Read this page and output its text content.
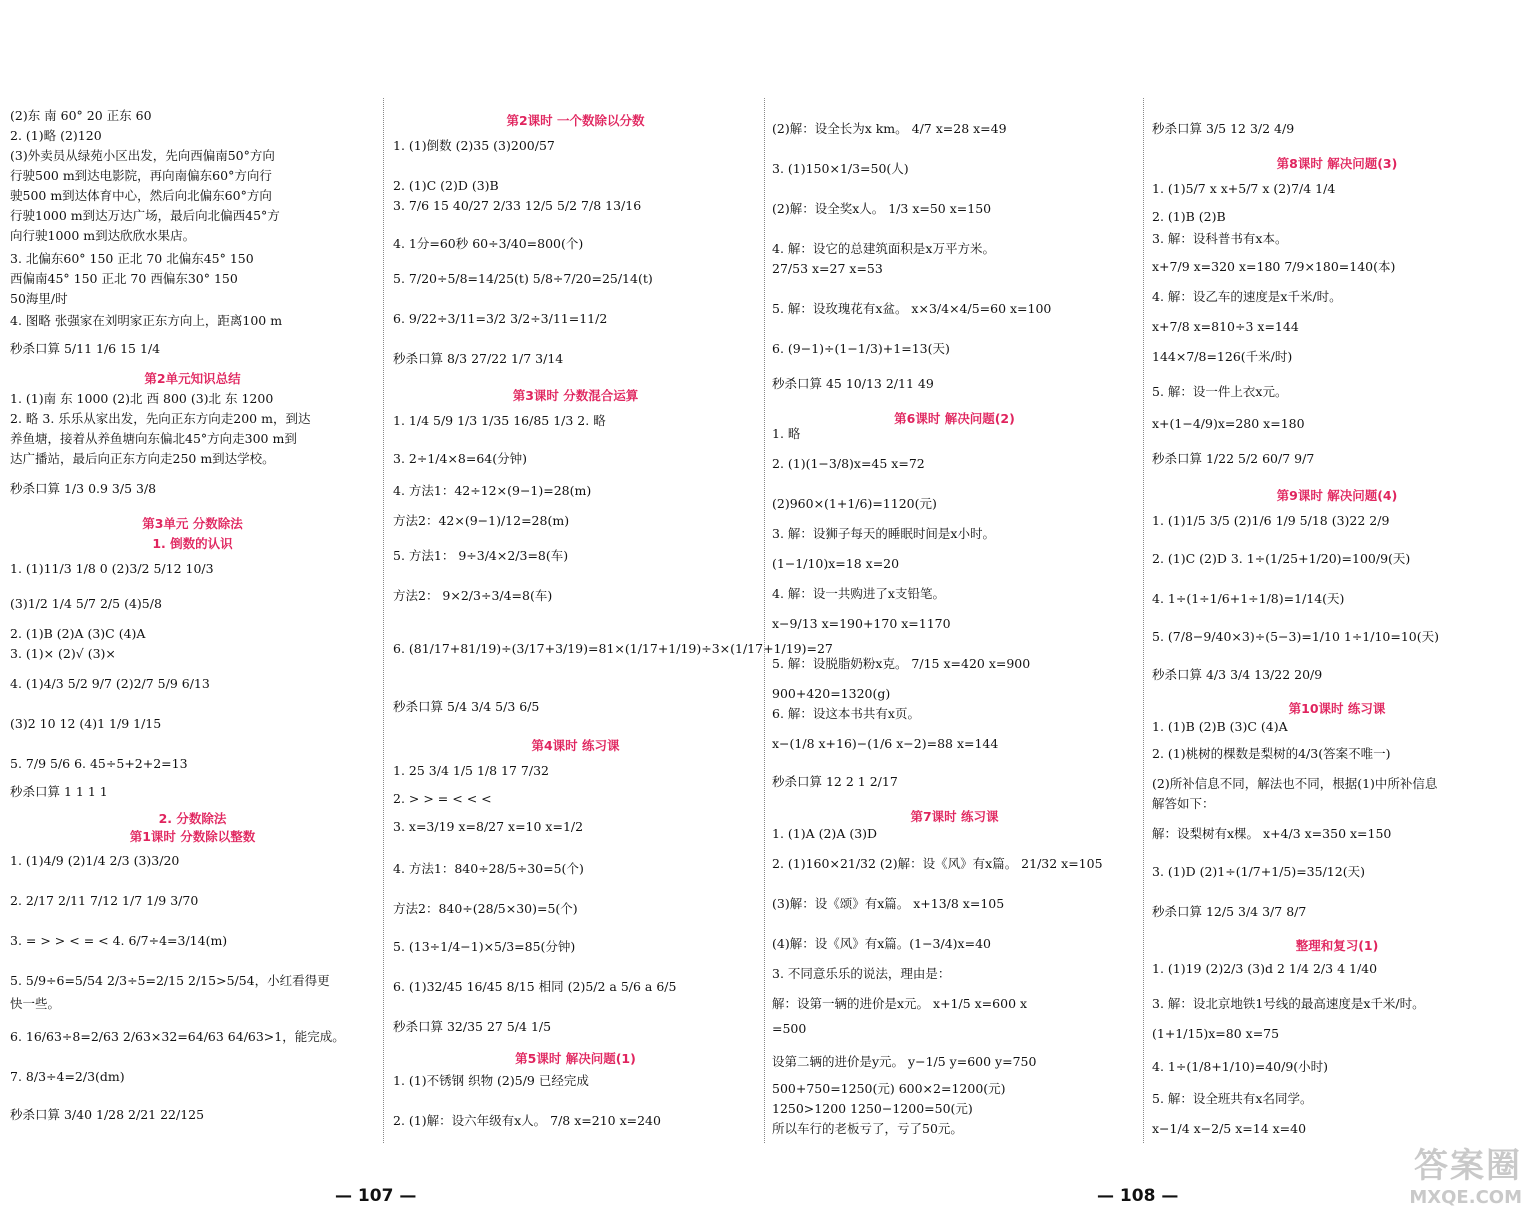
(2)东 南 60° 20 正东 60
2. (1)略 (2)120
(3)外卖员从绿苑小区出发，先向西偏南50°方向
行驶500 m到达电影院，再向南偏东60°方向行
驶500 m到达体育中心，然后向北偏东60°方向
行驶1000 m到达万达广场，最后向北偏西45°方
向行驶1000 m到达欣欣水果店。
3. 北偏东60° 150 正北 70 北偏东45° 150
西偏南45° 150 正北 70 西偏东30° 150
50海里/时
4. 图略 张强家在刘明家正东方向上，距离100 m
秒杀口算 5/11 1/6 15 1/4
第2单元知识总结
1. (1)南 东 1000 (2)北 西 800 (3)北 东 1200
2. 略 3. 乐乐从家出发，先向正东方向走200 m，到达
养鱼塘，接着从养鱼塘向东偏北45°方向走300 m到
达广播站，最后向正东方向走250 m到达学校。
秒杀口算 1/3 0.9 3/5 3/8
第3单元 分数除法
1. 倒数的认识
1. (1)11/3 1/8 0 (2)3/2 5/12 10/3
(3)1/2 1/4 5/7 2/5 (4)5/8
2. (1)B (2)A (3)C (4)A
3. (1)× (2)√ (3)×
4. (1)4/3 5/2 9/7 (2)2/7 5/9 6/13
(3)2 10 12 (4)1 1/9 1/15
5. 7/9 5/6 6. 45÷5+2+2=13
秒杀口算 1 1 1 1
2. 分数除法
第1课时 分数除以整数
1. (1)4/9 (2)1/4 2/3 (3)3/20
2. 2/17 2/11 7/12 1/7 1/9 3/70
3. = > > < = < 4. 6/7÷4=3/14(m)
5. 5/9÷6=5/54 2/3÷5=2/15 2/15>5/54，小红看得更
快一些。
6. 16/63÷8=2/63 2/63×32=64/63 64/63>1，能完成。
7. 8/3÷4=2/3(dm)
秒杀口算 3/40 1/28 2/21 22/125
第2课时 一个数除以分数
1. (1)倒数 (2)35 (3)200/57
2. (1)C (2)D (3)B
3. 7/6 15 40/27 2/33 12/5 5/2 7/8 13/16
4. 1分=60秒 60÷3/40=800(个)
5. 7/20÷5/8=14/25(t) 5/8÷7/20=25/14(t)
6. 9/22÷3/11=3/2 3/2÷3/11=11/2
秒杀口算 8/3 27/22 1/7 3/14
第3课时 分数混合运算
1. 1/4 5/9 1/3 1/35 16/85 1/3 2. 略
3. 2÷1/4×8=64(分钟)
4. 方法1：42÷12×(9−1)=28(m)
方法2：42×(9−1)/12=28(m)
5. 方法1： 9÷3/4×2/3=8(车)
方法2： 9×2/3÷3/4=8(车)
6. (81/17+81/19)÷(3/17+3/19)=81×(1/17+1/19)÷3×(1/17+1/19)=27
秒杀口算 5/4 3/4 5/3 6/5
第4课时 练习课
1. 25 3/4 1/5 1/8 17 7/32
2. > > = < < <
3. x=3/19 x=8/27 x=10 x=1/2
4. 方法1：840÷28/5÷30=5(个)
方法2：840÷(28/5×30)=5(个)
5. (13÷1/4−1)×5/3=85(分钟)
6. (1)32/45 16/45 8/15 相同 (2)5/2 a 5/6 a 6/5
秒杀口算 32/35 27 5/4 1/5
第5课时 解决问题(1)
1. (1)不锈钢 织物 (2)5/9 已经完成
2. (1)解：设六年级有x人。 7/8 x=210 x=240
(2)解：设全长为x km。 4/7 x=28 x=49
3. (1)150×1/3=50(人)
(2)解：设全奖x人。 1/3 x=50 x=150
4. 解：设它的总建筑面积是x万平方米。
27/53 x=27 x=53
5. 解：设玫瑰花有x盆。 x×3/4×4/5=60 x=100
6. (9−1)÷(1−1/3)+1=13(天)
秒杀口算 45 10/13 2/11 49
第6课时 解决问题(2)
1. 略
2. (1)(1−3/8)x=45 x=72
(2)960×(1+1/6)=1120(元)
3. 解：设狮子每天的睡眠时间是x小时。
(1−1/10)x=18 x=20
4. 解：设一共购进了x支铅笔。
x−9/13 x=190+170 x=1170
5. 解：设脱脂奶粉x克。 7/15 x=420 x=900
900+420=1320(g)
6. 解：设这本书共有x页。
x−(1/8 x+16)−(1/6 x−2)=88 x=144
秒杀口算 12 2 1 2/17
第7课时 练习课
1. (1)A (2)A (3)D
2. (1)160×21/32 (2)解：设《风》有x篇。 21/32 x=105
(3)解：设《颂》有x篇。 x+13/8 x=105
(4)解：设《风》有x篇。(1−3/4)x=40
3. 不同意乐乐的说法，理由是：
解：设第一辆的进价是x元。 x+1/5 x=600 x
=500
设第二辆的进价是y元。 y−1/5 y=600 y=750
500+750=1250(元) 600×2=1200(元)
1250>1200 1250−1200=50(元)
所以车行的老板亏了，亏了50元。
秒杀口算 3/5 12 3/2 4/9
第8课时 解决问题(3)
1. (1)5/7 x x+5/7 x (2)7/4 1/4
2. (1)B (2)B
3. 解：设科普书有x本。
x+7/9 x=320 x=180 7/9×180=140(本)
4. 解：设乙车的速度是x千米/时。
x+7/8 x=810÷3 x=144
144×7/8=126(千米/时)
5. 解：设一件上衣x元。
x+(1−4/9)x=280 x=180
秒杀口算 1/22 5/2 60/7 9/7
第9课时 解决问题(4)
1. (1)1/5 3/5 (2)1/6 1/9 5/18 (3)22 2/9
2. (1)C (2)D 3. 1÷(1/25+1/20)=100/9(天)
4. 1÷(1÷1/6+1÷1/8)=1/14(天)
5. (7/8−9/40×3)÷(5−3)=1/10 1÷1/10=10(天)
秒杀口算 4/3 3/4 13/22 20/9
第10课时 练习课
1. (1)B (2)B (3)C (4)A
2. (1)桃树的棵数是梨树的4/3(答案不唯一)
(2)所补信息不同，解法也不同，根据(1)中所补信息
解答如下：
解：设梨树有x棵。 x+4/3 x=350 x=150
3. (1)D (2)1÷(1/7+1/5)=35/12(天)
秒杀口算 12/5 3/4 3/7 8/7
整理和复习(1)
1. (1)19 (2)2/3 (3)d 2 1/4 2/3 4 1/40
3. 解：设北京地铁1号线的最高速度是x千米/时。
(1+1/15)x=80 x=75
4. 1÷(1/8+1/10)=40/9(小时)
5. 解：设全班共有x名同学。
x−1/4 x−2/5 x=14 x=40
— 107 —	— 108 —
答案圈
MXQE.COM
